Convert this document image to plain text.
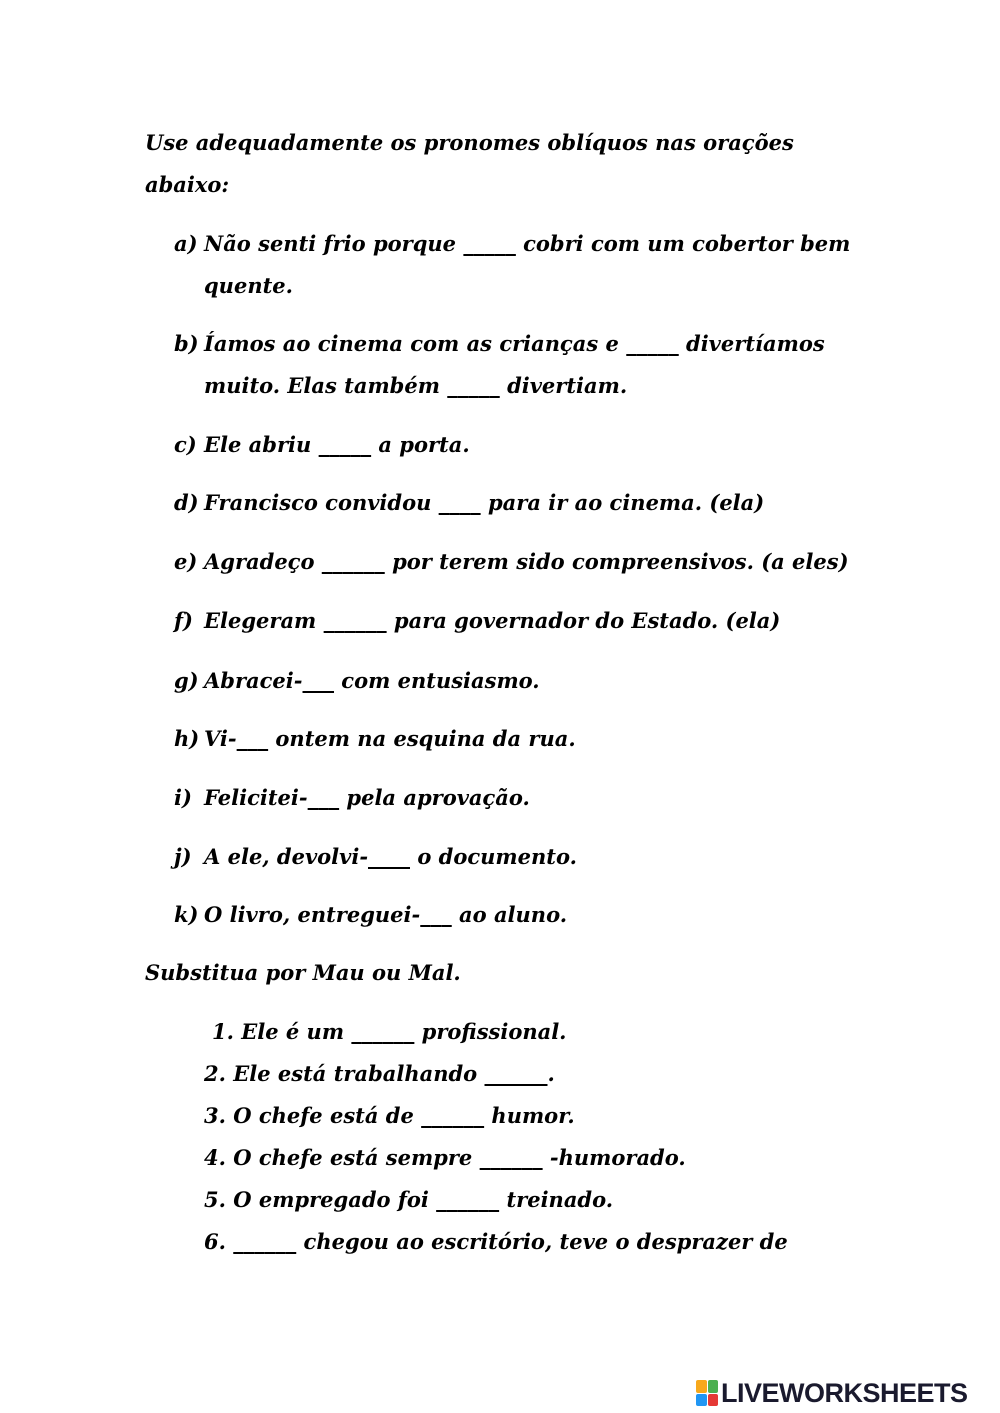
Use adequadamente os pronomes oblíquos nas orações
abaixo:
a) Não senti frio porque _____ cobri com um cobertor bem
quente.
b) Íamos ao cinema com as crianças e _____ divertíamos
muito. Elas também _____ divertiam.
c) Ele abriu _____ a porta.
d) Francisco convidou ____ para ir ao cinema. (ela)
e) Agradeço ______ por terem sido compreensivos. (a eles)
f) Elegeram ______ para governador do Estado. (ela)
g) Abracei-___ com entusiasmo.
h) Vi-___ ontem na esquina da rua.
i) Felicitei-___ pela aprovação.
j) A ele, devolvi-____ o documento.
k) O livro, entreguei-___ ao aluno.
Substitua por Mau ou Mal.
1. Ele é um ______ profissional.
2. Ele está trabalhando ______.
3. O chefe está de ______ humor.
4. O chefe está sempre ______ -humorado.
5. O empregado foi ______ treinado.
6. ______ chegou ao escritório, teve o desprazer de
LIVEWORKSHEETS
